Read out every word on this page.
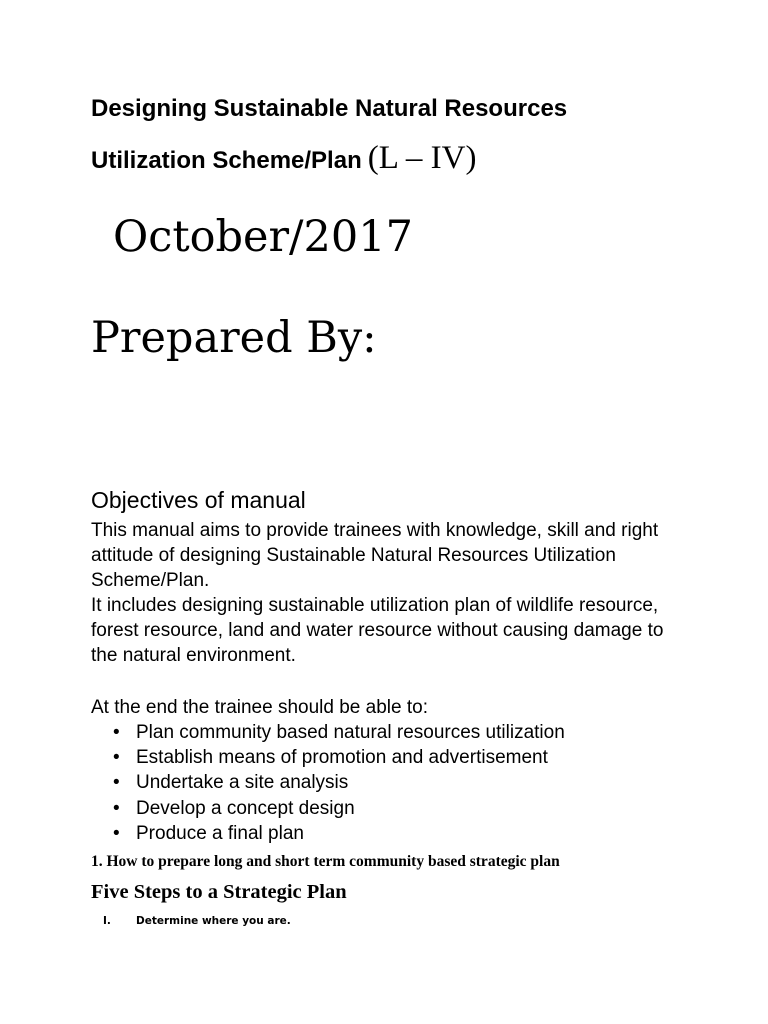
Designing Sustainable Natural Resources
Utilization Scheme/Plan (L – IV)
October/2017
Prepared By:
Objectives of manual
This manual aims to provide trainees with knowledge, skill and right attitude of designing Sustainable Natural Resources Utilization Scheme/Plan.
It includes designing sustainable utilization plan of wildlife resource, forest resource, land and water resource without causing damage to the natural environment.
At the end the trainee should be able to:
• Plan community based natural resources utilization
• Establish means of promotion and advertisement
• Undertake a site analysis
• Develop a concept design
• Produce a final plan
1. How to prepare long and short term community based strategic plan
Five Steps to a Strategic Plan
I. Determine where you are.
